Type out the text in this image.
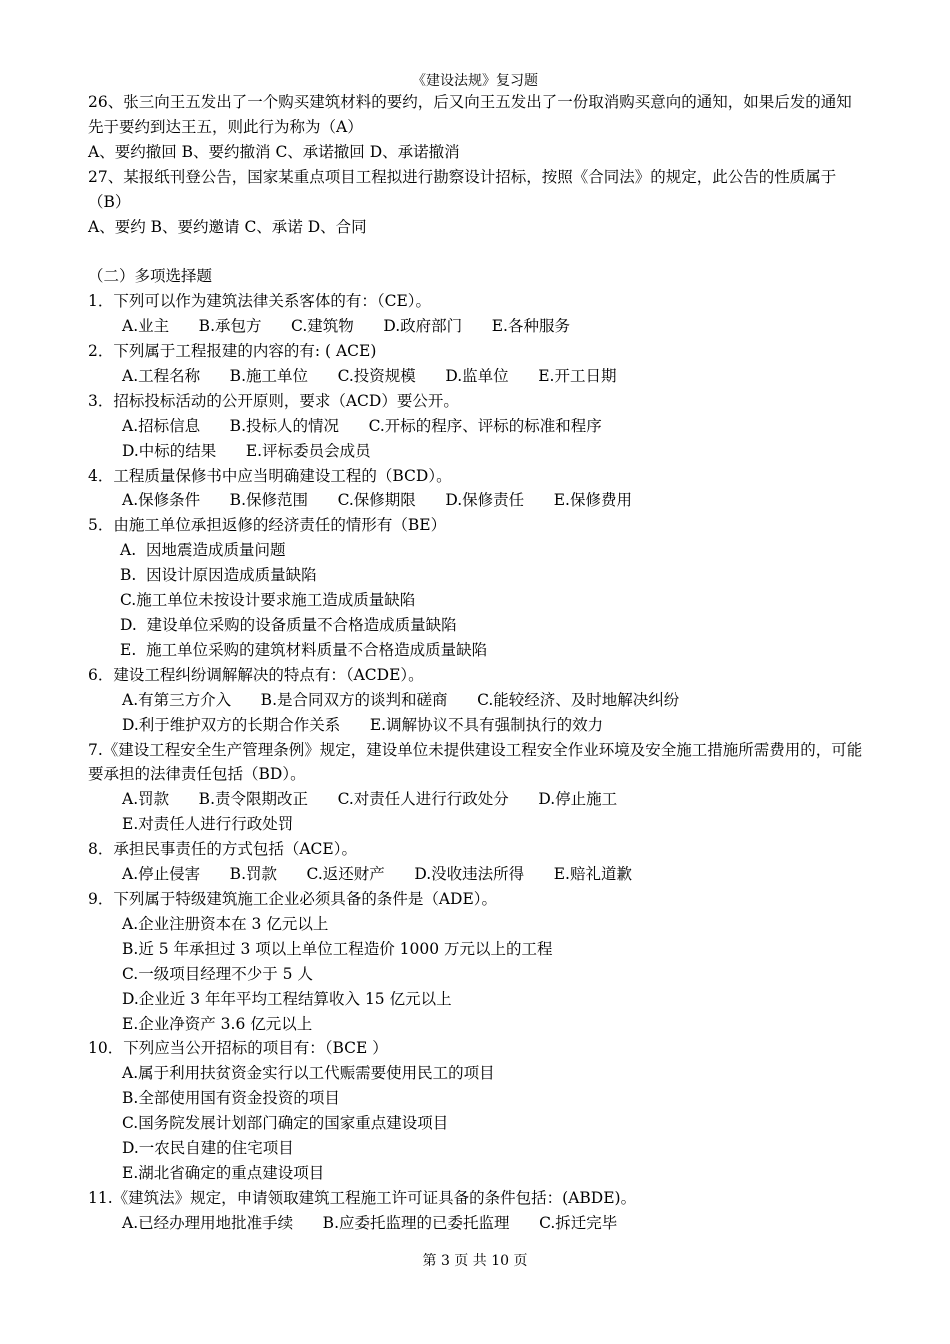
《建设法规》复习题
26、张三向王五发出了一个购买建筑材料的要约，后又向王五发出了一份取消购买意向的通知，如果后发的通知先于要约到达王五，则此行为称为（A）
A、要约撤回 B、要约撤消 C、承诺撤回 D、承诺撤消
27、某报纸刊登公告，国家某重点项目工程拟进行勘察设计招标，按照《合同法》的规定，此公告的性质属于（B）
A、要约 B、要约邀请 C、承诺 D、合同
（二）多项选择题
1．下列可以作为建筑法律关系客体的有：（CE）。
A.业主      B.承包方      C.建筑物      D.政府部门      E.各种服务
2．下列属于工程报建的内容的有: ( ACE)
A.工程名称      B.施工单位      C.投资规模      D.监单位      E.开工日期
3．招标投标活动的公开原则，要求（ACD）要公开。
A.招标信息      B.投标人的情况      C.开标的程序、评标的标准和程序
D.中标的结果      E.评标委员会成员
4．工程质量保修书中应当明确建设工程的（BCD）。
A.保修条件      B.保修范围      C.保修期限      D.保修责任      E.保修费用
5．由施工单位承担返修的经济责任的情形有（BE）
A.  因地震造成质量问题
B.  因设计原因造成质量缺陷
C.施工单位未按设计要求施工造成质量缺陷
D.  建设单位采购的设备质量不合格造成质量缺陷
E.  施工单位采购的建筑材料质量不合格造成质量缺陷
6．建设工程纠纷调解解决的特点有：（ACDE）。
A.有第三方介入      B.是合同双方的谈判和磋商      C.能较经济、及时地解决纠纷
D.利于维护双方的长期合作关系      E.调解协议不具有强制执行的效力
7.《建设工程安全生产管理条例》规定，建设单位未提供建设工程安全作业环境及安全施工措施所需费用的，可能要承担的法律责任包括（BD）。
A.罚款      B.责令限期改正      C.对责任人进行行政处分      D.停止施工
E.对责任人进行行政处罚
8．承担民事责任的方式包括（ACE）。
A.停止侵害      B.罚款      C.返还财产      D.没收违法所得      E.赔礼道歉
9．下列属于特级建筑施工企业必须具备的条件是（ADE）。
A.企业注册资本在 3 亿元以上
B.近 5 年承担过 3 项以上单位工程造价 1000 万元以上的工程
C.一级项目经理不少于 5 人
D.企业近 3 年年平均工程结算收入 15 亿元以上
E.企业净资产 3.6 亿元以上
10．下列应当公开招标的项目有：（BCE ）
A.属于利用扶贫资金实行以工代赈需要使用民工的项目
B.全部使用国有资金投资的项目
C.国务院发展计划部门确定的国家重点建设项目
D.一农民自建的住宅项目
E.湖北省确定的重点建设项目
11.《建筑法》规定，申请领取建筑工程施工许可证具备的条件包括：(ABDE)。
A.已经办理用地批准手续      B.应委托监理的已委托监理      C.拆迁完毕
第 3 页 共 10 页
